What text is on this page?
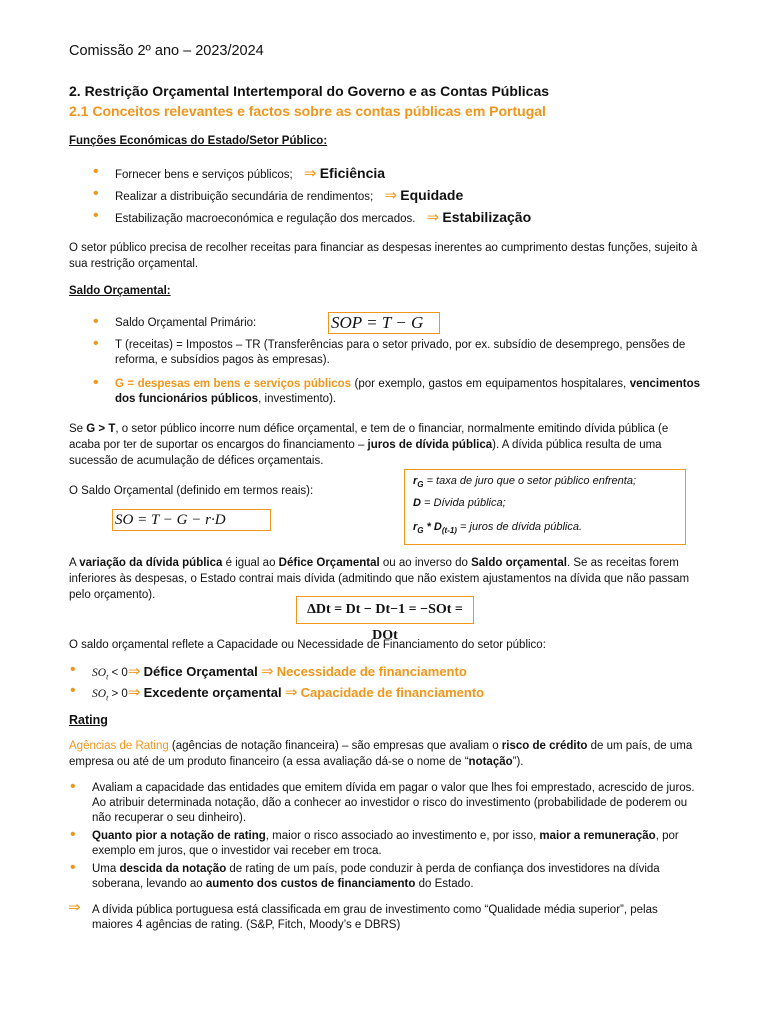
Comissão 2º ano – 2023/2024
2. Restrição Orçamental Intertemporal do Governo e as Contas Públicas
2.1 Conceitos relevantes e factos sobre as contas públicas em Portugal
Funções Económicas do Estado/Setor Público:
• Fornecer bens e serviços públicos; ⇒ Eficiência
• Realizar a distribuição secundária de rendimentos; ⇒ Equidade
• Estabilização macroeconómica e regulação dos mercados. ⇒ Estabilização
O setor público precisa de recolher receitas para financiar as despesas inerentes ao cumprimento destas funções, sujeito à sua restrição orçamental.
Saldo Orçamental:
• Saldo Orçamental Primário:	SOP = T − G
• T (receitas) = Impostos – TR (Transferências para o setor privado, por ex. subsídio de desemprego, pensões de reforma, e subsídios pagos às empresas).
• G = despesas em bens e serviços públicos (por exemplo, gastos em equipamentos hospitalares, vencimentos dos funcionários públicos, investimento).
Se G > T, o setor público incorre num défice orçamental, e tem de o financiar, normalmente emitindo dívida pública (e acaba por ter de suportar os encargos do financiamento – juros de dívida pública). A dívida pública resulta de uma sucessão de acumulação de défices orçamentais.
O Saldo Orçamental (definido em termos reais):
SO = T − G − r·D
$r_G$ = taxa de juro que o setor público enfrenta;
D = Dívida pública;
$r_G * D_{(t-1)}$ = juros de dívida pública.
A variação da dívida pública é igual ao Défice Orçamental ou ao inverso do Saldo orçamental. Se as receitas forem inferiores às despesas, o Estado contrai mais dívida (admitindo que não existem ajustamentos na dívida que não passam pelo orçamento).
ΔDt = Dt − Dt−1 = −SOt = DOt
O saldo orçamental reflete a Capacidade ou Necessidade de Financiamento do setor público:
• $SO_t$ < 0⇒ Défice Orçamental ⇒ Necessidade de financiamento
• $SO_t$ > 0⇒ Excedente orçamental ⇒ Capacidade de financiamento
Rating
Agências de Rating (agências de notação financeira) – são empresas que avaliam o risco de crédito de um país, de uma empresa ou até de um produto financeiro (a essa avaliação dá-se o nome de “notação”).
• Avaliam a capacidade das entidades que emitem dívida em pagar o valor que lhes foi emprestado, acrescido de juros. Ao atribuir determinada notação, dão a conhecer ao investidor o risco do investimento (probabilidade de poderem ou não recuperar o seu dinheiro).
• Quanto pior a notação de rating, maior o risco associado ao investimento e, por isso, maior a remuneração, por exemplo em juros, que o investidor vai receber em troca.
• Uma descida da notação de rating de um país, pode conduzir à perda de confiança dos investidores na dívida soberana, levando ao aumento dos custos de financiamento do Estado.
⇒ A dívida pública portuguesa está classificada em grau de investimento como “Qualidade média superior”, pelas maiores 4 agências de rating. (S&P, Fitch, Moody’s e DBRS)
